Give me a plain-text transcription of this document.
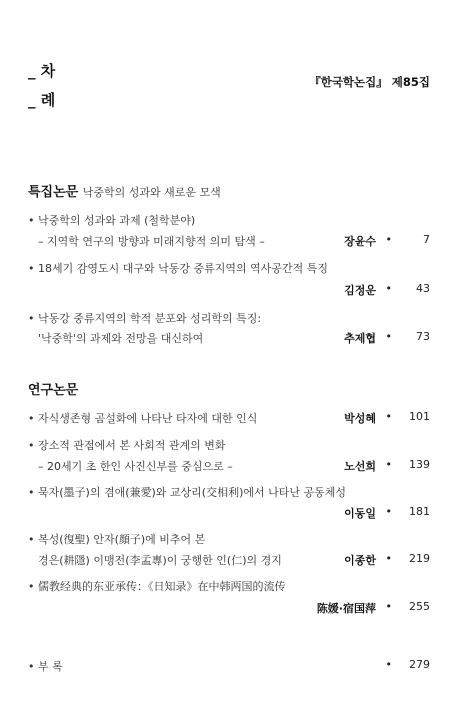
_ 차
_ 례
『한국학논집』 제85집
특집논문 낙중학의 성과와 새로운 모색
• 낙중학의 성과와 과제 (철학분야)
– 지역학 연구의 방향과 미래지향적 의미 탐색 –	장윤수 •	7
• 18세기 감영도시 대구와 낙동강 중류지역의 역사공간적 특징
김정운 •	43
• 낙동강 중류지역의 학적 분포와 성리학의 특징:
'낙중학'의 과제와 전망을 대신하여	추제협 •	73
연구논문
• 자식생존형 곰설화에 나타난 타자에 대한 인식	박성혜 •	101
• 장소적 관점에서 본 사회적 관계의 변화
– 20세기 초 한인 사진신부를 중심으로 –	노선희 •	139
• 묵자(墨子)의 겸애(兼愛)와 교상리(交相利)에서 나타난 공동체성
이동일 •	181
• 복성(復聖) 안자(顔子)에 비추어 본
경은(耕隱) 이맹전(李孟專)이 궁행한 인(仁)의 경지	이종한 •	219
• 儒教经典的东亚承传：《日知录》在中韩两国的流传
陈媛·宿国萍 •	255
• 부 록	•	279
